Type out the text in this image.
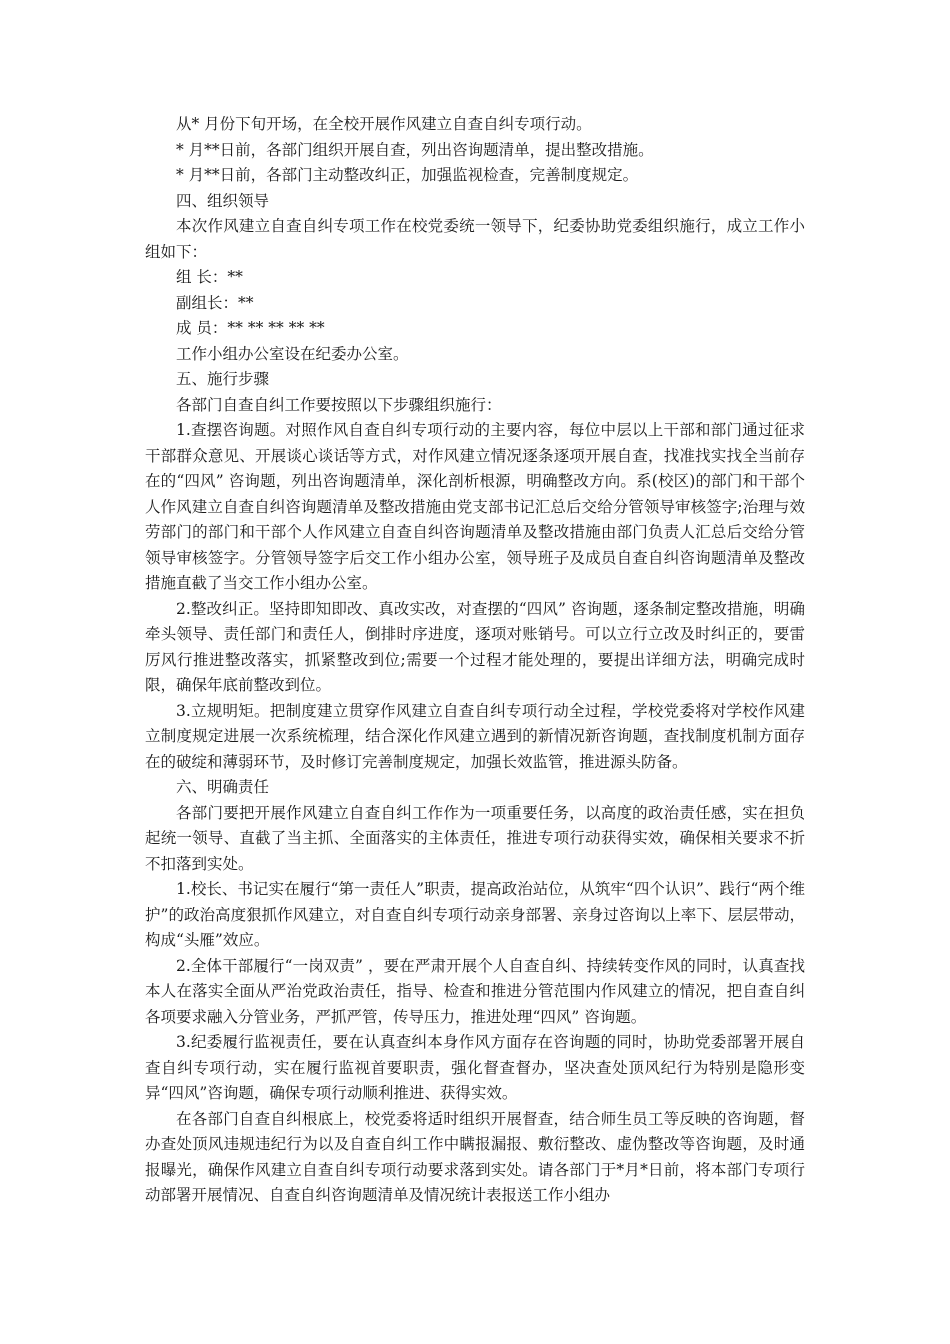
从* 月份下旬开场，在全校开展作风建立自查自纠专项行动。

* 月**日前，各部门组织开展自查，列出咨询题清单，提出整改措施。

* 月**日前，各部门主动整改纠正，加强监视检查，完善制度规定。

四、组织领导

本次作风建立自查自纠专项工作在校党委统一领导下，纪委协助党委组织施行，成立工作小组如下：

组 长：**

副组长：**

成 员：** ** ** ** **

工作小组办公室设在纪委办公室。

五、施行步骤

各部门自查自纠工作要按照以下步骤组织施行：

1.查摆咨询题。对照作风自查自纠专项行动的主要内容，每位中层以上干部和部门通过征求干部群众意见、开展谈心谈话等方式，对作风建立情况逐条逐项开展自查，找准找实找全当前存在的“四风” 咨询题，列出咨询题清单，深化剖析根源，明确整改方向。系(校区)的部门和干部个人作风建立自查自纠咨询题清单及整改措施由党支部书记汇总后交给分管领导审核签字;治理与效劳部门的部门和干部个人作风建立自查自纠咨询题清单及整改措施由部门负责人汇总后交给分管领导审核签字。分管领导签字后交工作小组办公室，领导班子及成员自查自纠咨询题清单及整改措施直截了当交工作小组办公室。

2.整改纠正。坚持即知即改、真改实改，对查摆的“四风” 咨询题，逐条制定整改措施，明确牵头领导、责任部门和责任人，倒排时序进度，逐项对账销号。可以立行立改及时纠正的，要雷厉风行推进整改落实，抓紧整改到位;需要一个过程才能处理的，要提出详细方法，明确完成时限，确保年底前整改到位。

3.立规明矩。把制度建立贯穿作风建立自查自纠专项行动全过程，学校党委将对学校作风建立制度规定进展一次系统梳理，结合深化作风建立遇到的新情况新咨询题，查找制度机制方面存在的破绽和薄弱环节，及时修订完善制度规定，加强长效监管，推进源头防备。

六、明确责任

各部门要把开展作风建立自查自纠工作作为一项重要任务，以高度的政治责任感，实在担负起统一领导、直截了当主抓、全面落实的主体责任，推进专项行动获得实效，确保相关要求不折不扣落到实处。

1.校长、书记实在履行“第一责任人”职责，提高政治站位，从筑牢“四个认识”、践行“两个维护”的政治高度狠抓作风建立，对自查自纠专项行动亲身部署、亲身过咨询以上率下、层层带动，构成“头雁”效应。

2.全体干部履行“一岗双责” ，要在严肃开展个人自查自纠、持续转变作风的同时，认真查找本人在落实全面从严治党政治责任，指导、检查和推进分管范围内作风建立的情况，把自查自纠各项要求融入分管业务，严抓严管，传导压力，推进处理“四风” 咨询题。

3.纪委履行监视责任，要在认真查纠本身作风方面存在咨询题的同时，协助党委部署开展自查自纠专项行动，实在履行监视首要职责，强化督查督办，坚决查处顶风纪行为特别是隐形变异“四风”咨询题，确保专项行动顺利推进、获得实效。

在各部门自查自纠根底上，校党委将适时组织开展督查，结合师生员工等反映的咨询题，督办查处顶风违规违纪行为以及自查自纠工作中瞒报漏报、敷衍整改、虚伪整改等咨询题，及时通报曝光，确保作风建立自查自纠专项行动要求落到实处。请各部门于*月*日前，将本部门专项行动部署开展情况、自查自纠咨询题清单及情况统计表报送工作小组办
